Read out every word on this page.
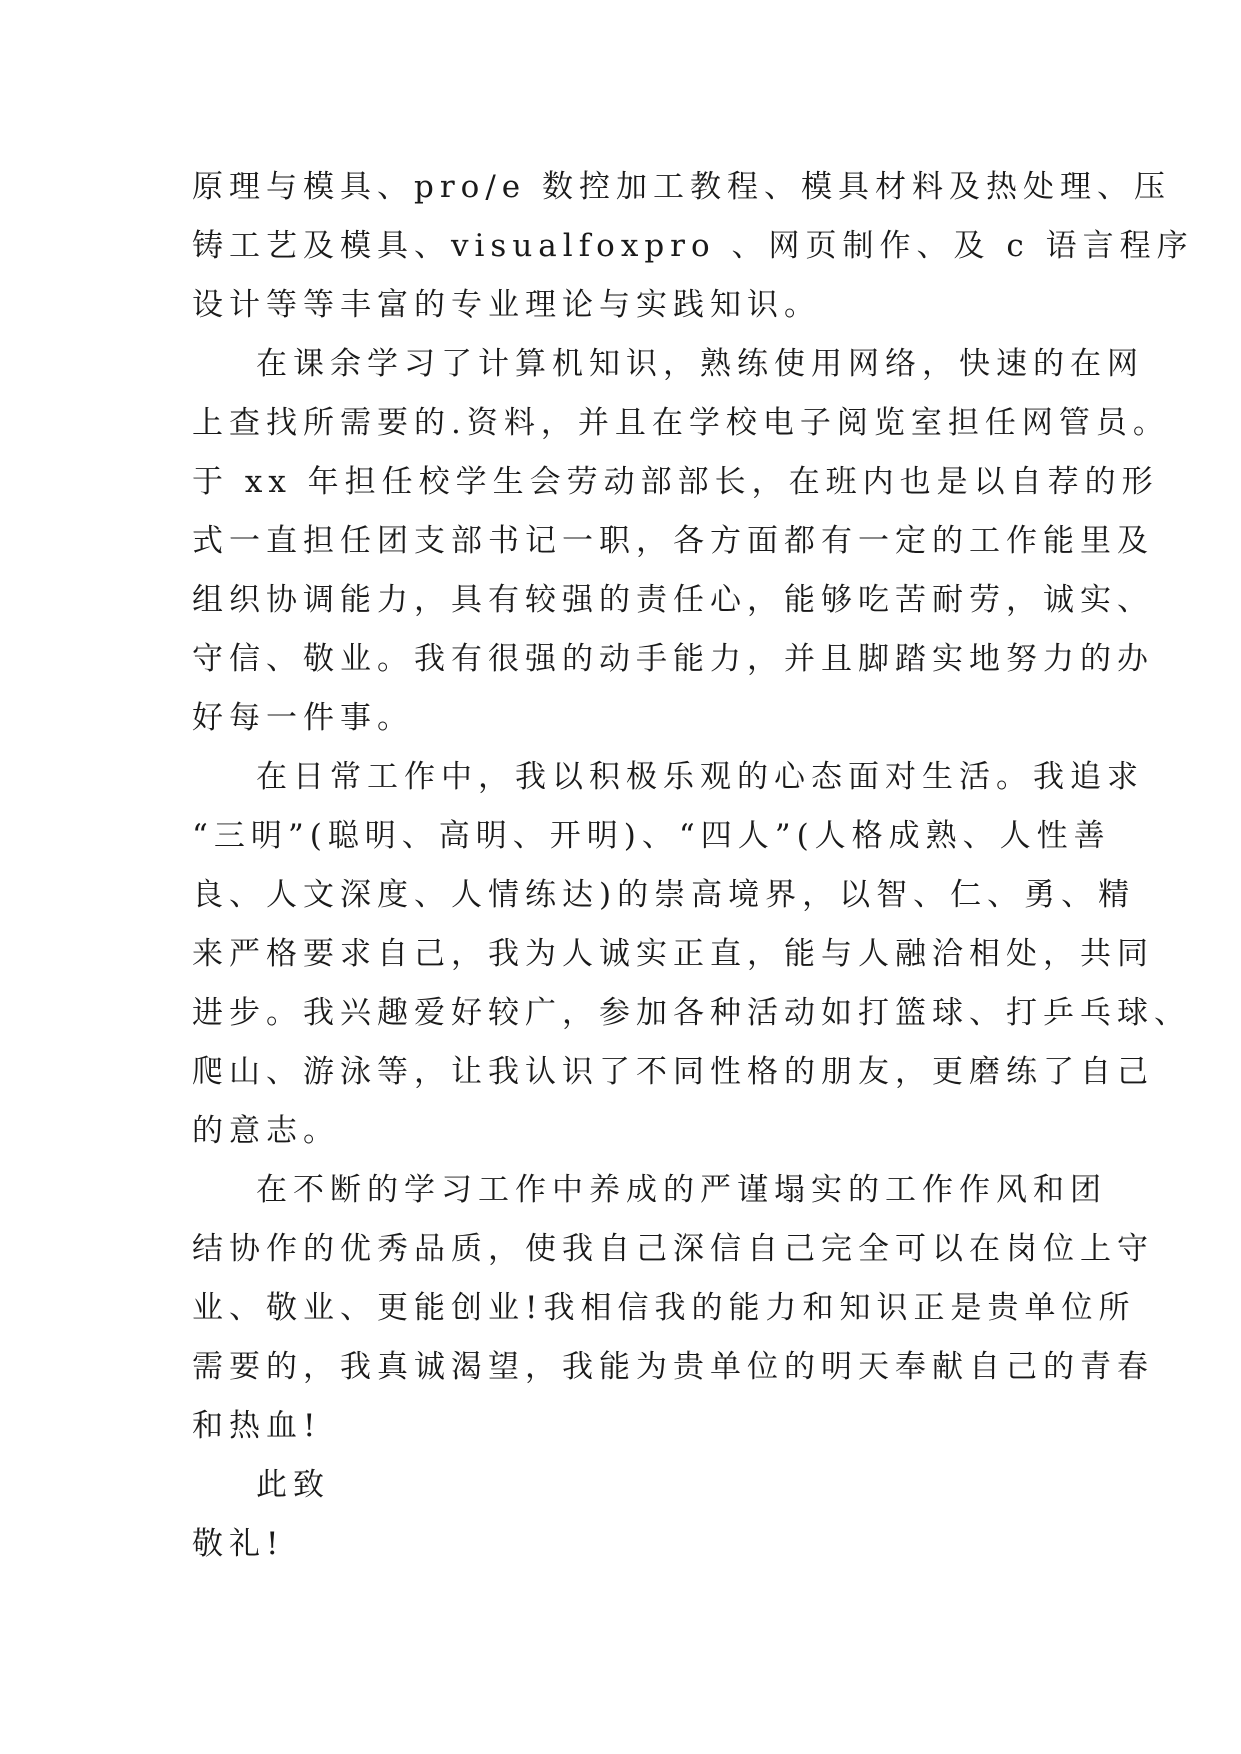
原理与模具、pro/e 数控加工教程、模具材料及热处理、压
铸工艺及模具、visualfoxpro 、网页制作、及 c 语言程序
设计等等丰富的专业理论与实践知识。
在课余学习了计算机知识，熟练使用网络，快速的在网
上查找所需要的.资料，并且在学校电子阅览室担任网管员。
于 xx 年担任校学生会劳动部部长，在班内也是以自荐的形
式一直担任团支部书记一职，各方面都有一定的工作能里及
组织协调能力，具有较强的责任心，能够吃苦耐劳，诚实、
守信、敬业。我有很强的动手能力，并且脚踏实地努力的办
好每一件事。
在日常工作中，我以积极乐观的心态面对生活。我追求
“三明”(聪明、高明、开明)、“四人”(人格成熟、人性善
良、人文深度、人情练达)的崇高境界，以智、仁、勇、精
来严格要求自己，我为人诚实正直，能与人融洽相处，共同
进步。我兴趣爱好较广，参加各种活动如打篮球、打乒乓球、
爬山、游泳等，让我认识了不同性格的朋友，更磨练了自己
的意志。
在不断的学习工作中养成的严谨塌实的工作作风和团
结协作的优秀品质，使我自己深信自己完全可以在岗位上守
业、敬业、更能创业!我相信我的能力和知识正是贵单位所
需要的，我真诚渴望，我能为贵单位的明天奉献自己的青春
和热血!
此致
敬礼!
